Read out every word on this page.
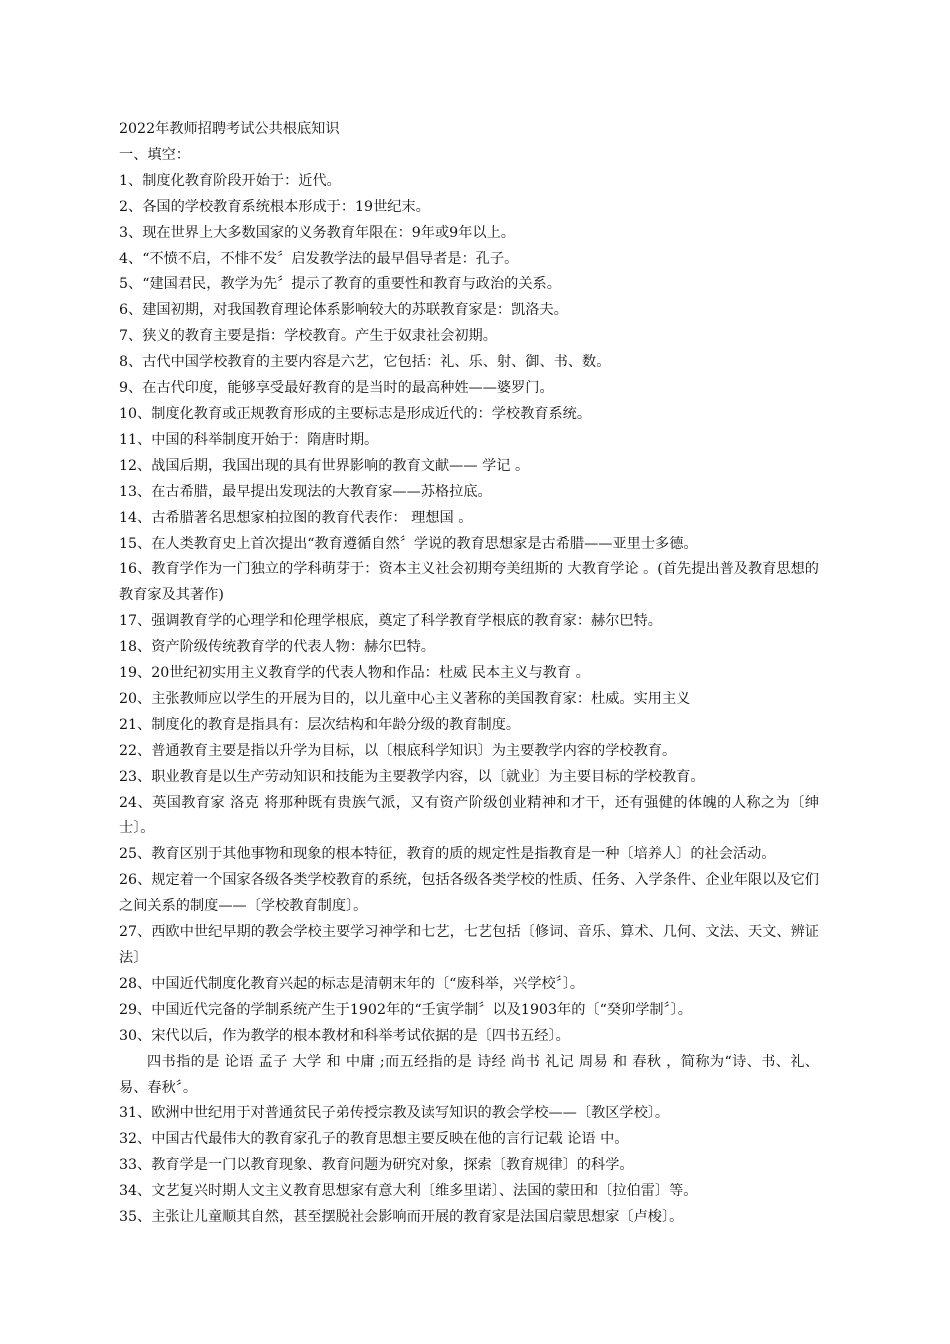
2022年教师招聘考试公共根底知识
一、填空：
1、制度化教育阶段开始于：近代。
2、各国的学校教育系统根本形成于：19世纪末。
3、现在世界上大多数国家的义务教育年限在：9年或9年以上。
4、“不愤不启，不悱不发〞启发教学法的最早倡导者是：孔子。
5、“建国君民，教学为先〞提示了教育的重要性和教育与政治的关系。
6、建国初期，对我国教育理论体系影响较大的苏联教育家是：凯洛夫。
7、狭义的教育主要是指：学校教育。产生于奴隶社会初期。
8、古代中国学校教育的主要内容是六艺，它包括：礼、乐、射、御、书、数。
9、在古代印度，能够享受最好教育的是当时的最高种姓——婆罗门。
10、制度化教育或正规教育形成的主要标志是形成近代的：学校教育系统。
11、中国的科举制度开始于：隋唐时期。
12、战国后期，我国出现的具有世界影响的教育文献—— 学记 。
13、在古希腊，最早提出发现法的大教育家——苏格拉底。
14、古希腊著名思想家柏拉图的教育代表作： 理想国 。
15、在人类教育史上首次提出“教育遵循自然〞学说的教育思想家是古希腊——亚里士多德。
16、教育学作为一门独立的学科萌芽于：资本主义社会初期夸美纽斯的 大教育学论 。(首先提出普及教育思想的教育家及其著作)
17、强调教育学的心理学和伦理学根底，奠定了科学教育学根底的教育家：赫尔巴特。
18、资产阶级传统教育学的代表人物：赫尔巴特。
19、20世纪初实用主义教育学的代表人物和作品：杜威 民本主义与教育 。
20、主张教师应以学生的开展为目的，以儿童中心主义著称的美国教育家：杜威。实用主义
21、制度化的教育是指具有：层次结构和年龄分级的教育制度。
22、普通教育主要是指以升学为目标，以〔根底科学知识〕为主要教学内容的学校教育。
23、职业教育是以生产劳动知识和技能为主要教学内容，以〔就业〕为主要目标的学校教育。
24、英国教育家 洛克 将那种既有贵族气派，又有资产阶级创业精神和才干，还有强健的体魄的人称之为〔绅士〕。
25、教育区别于其他事物和现象的根本特征，教育的质的规定性是指教育是一种〔培养人〕的社会活动。
26、规定着一个国家各级各类学校教育的系统，包括各级各类学校的性质、任务、入学条件、企业年限以及它们之间关系的制度——〔学校教育制度〕。
27、西欧中世纪早期的教会学校主要学习神学和七艺，七艺包括〔修词、音乐、算术、几何、文法、天文、辨证法〕
28、中国近代制度化教育兴起的标志是清朝末年的〔“废科举，兴学校〞〕。
29、中国近代完备的学制系统产生于1902年的“壬寅学制〞以及1903年的〔“癸卯学制〞〕。
30、宋代以后，作为教学的根本教材和科举考试依据的是〔四书五经〕。
四书指的是 论语 孟子 大学 和 中庸 ;而五经指的是 诗经 尚书 礼记 周易 和 春秋 ，简称为“诗、书、礼、易、春秋〞。
31、欧洲中世纪用于对普通贫民子弟传授宗教及读写知识的教会学校——〔教区学校〕。
32、中国古代最伟大的教育家孔子的教育思想主要反映在他的言行记载 论语 中。
33、教育学是一门以教育现象、教育问题为研究对象，探索〔教育规律〕的科学。
34、文艺复兴时期人文主义教育思想家有意大利〔维多里诺〕、法国的蒙田和〔拉伯雷〕等。
35、主张让儿童顺其自然，甚至摆脱社会影响而开展的教育家是法国启蒙思想家〔卢梭〕。
